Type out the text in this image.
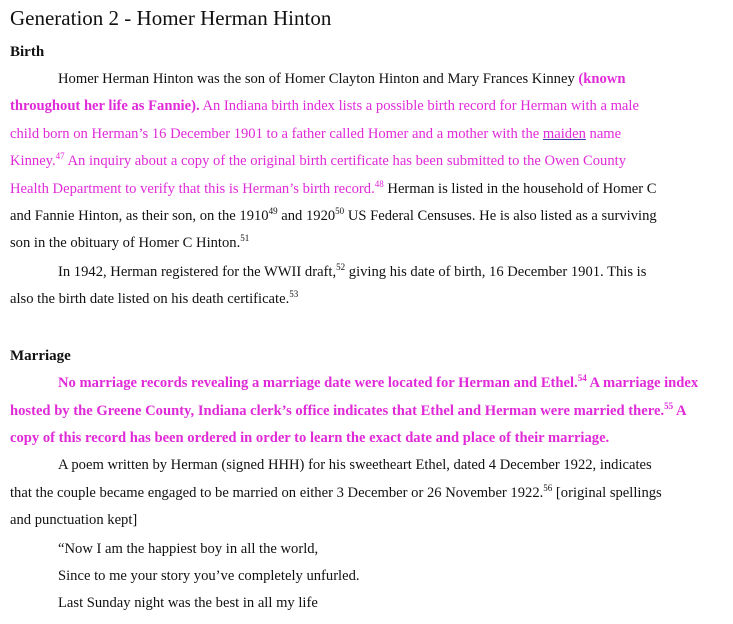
Generation 2 - Homer Herman Hinton
Birth
Homer Herman Hinton was the son of Homer Clayton Hinton and Mary Frances Kinney (known
throughout her life as Fannie). An Indiana birth index lists a possible birth record for Herman with a male
child born on Herman’s 16 December 1901 to a father called Homer and a mother with the maiden name
Kinney.$^{47}$ An inquiry about a copy of the original birth certificate has been submitted to the Owen County
Health Department to verify that this is Herman’s birth record.$^{48}$ Herman is listed in the household of Homer C
and Fannie Hinton, as their son, on the 1910$^{49}$ and 1920$^{50}$ US Federal Censuses. He is also listed as a surviving
son in the obituary of Homer C Hinton.$^{51}$
In 1942, Herman registered for the WWII draft,$^{52}$ giving his date of birth, 16 December 1901. This is
also the birth date listed on his death certificate.$^{53}$
Marriage
No marriage records revealing a marriage date were located for Herman and Ethel.$^{54}$ A marriage index
hosted by the Greene County, Indiana clerk’s office indicates that Ethel and Herman were married there.$^{55}$ A
copy of this record has been ordered in order to learn the exact date and place of their marriage.
A poem written by Herman (signed HHH) for his sweetheart Ethel, dated 4 December 1922, indicates
that the couple became engaged to be married on either 3 December or 26 November 1922.56 [original spellings
and punctuation kept]
“Now I am the happiest boy in all the world,
Since to me your story you’ve completely unfurled.
Last Sunday night was the best in all my life
